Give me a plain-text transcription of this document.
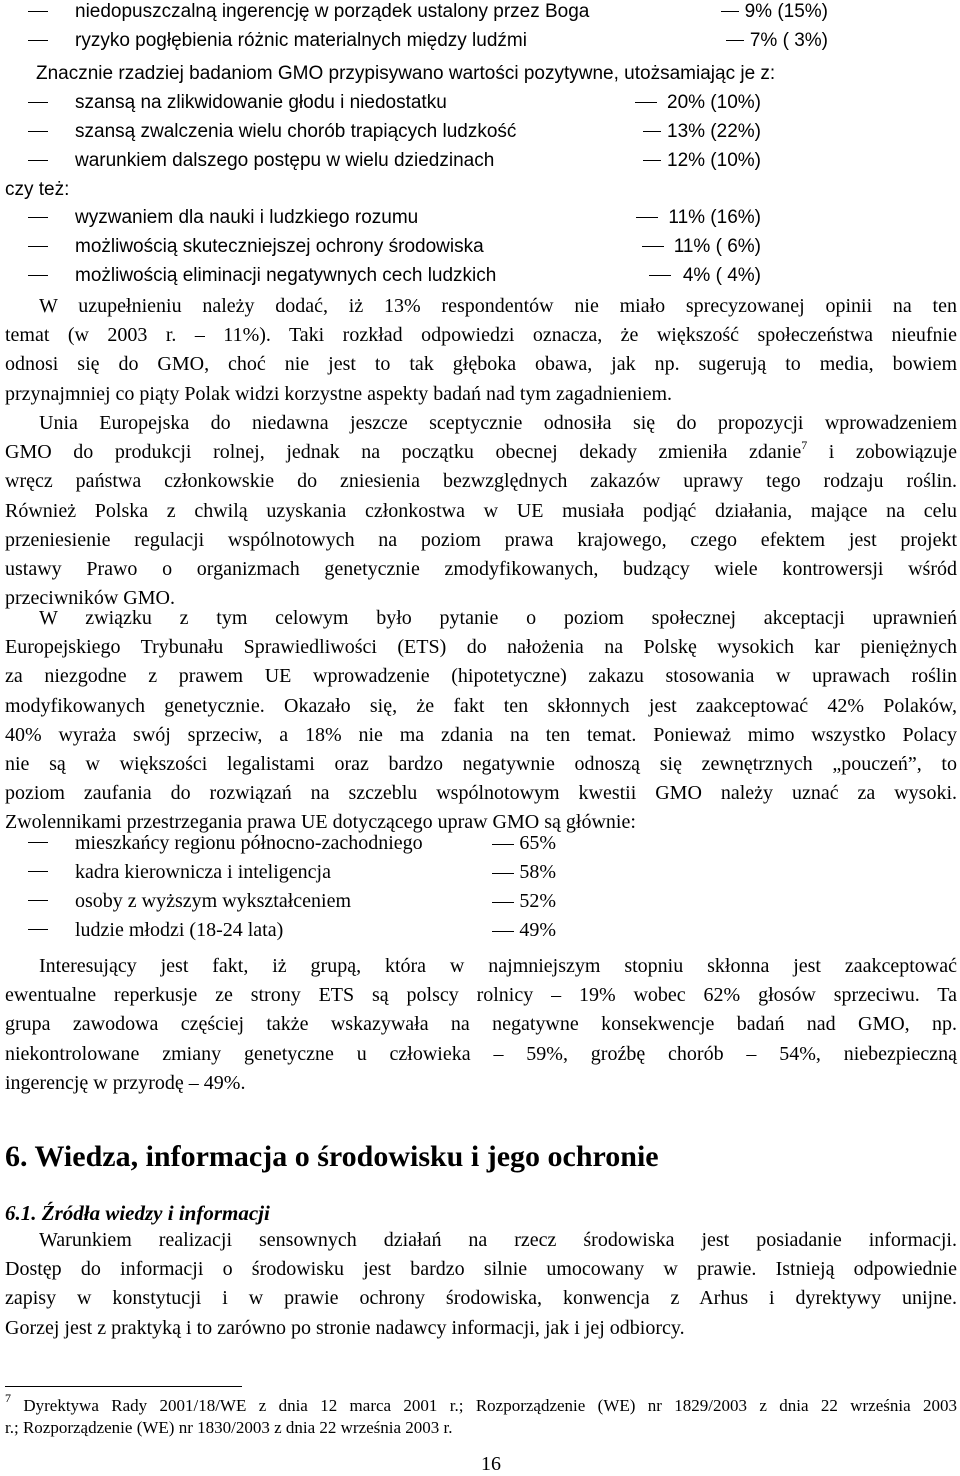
niedopuszczalną ingerencję w porządek ustalony przez Boga	9% (15%)
ryzyko pogłębienia różnic materialnych między ludźmi	7% ( 3%)
Znacznie rzadziej badaniom GMO przypisywano wartości pozytywne, utożsamiając je z:
szansą na zlikwidowanie głodu i niedostatku	20% (10%)
szansą zwalczenia wielu chorób trapiących ludzkość	13% (22%)
warunkiem dalszego postępu w wielu dziedzinach	12% (10%)
czy też:
wyzwaniem dla nauki i ludzkiego rozumu	11% (16%)
możliwością skuteczniejszej ochrony środowiska	11% ( 6%)
możliwością eliminacji negatywnych cech ludzkich	4% ( 4%)

W uzupełnieniu należy dodać, iż 13% respondentów nie miało sprecyzowanej opinii na ten
temat (w 2003 r. – 11%). Taki rozkład odpowiedzi oznacza, że większość społeczeństwa nieufnie
odnosi się do GMO, choć nie jest to tak głęboka obawa, jak np. sugerują to media, bowiem
przynajmniej co piąty Polak widzi korzystne aspekty badań nad tym zagadnieniem.

Unia Europejska do niedawna jeszcze sceptycznie odnosiła się do propozycji wprowadzeniem
GMO do produkcji rolnej, jednak na początku obecnej dekady zmieniła zdanie$^7$ i zobowiązuje
wręcz państwa członkowskie do zniesienia bezwzględnych zakazów uprawy tego rodzaju roślin.
Również Polska z chwilą uzyskania członkostwa w UE musiała podjąć działania, mające na celu
przeniesienie regulacji wspólnotowych na poziom prawa krajowego, czego efektem jest projekt
ustawy Prawo o organizmach genetycznie zmodyfikowanych, budzący wiele kontrowersji wśród
przeciwników GMO.

W związku z tym celowym było pytanie o poziom społecznej akceptacji uprawnień
Europejskiego Trybunału Sprawiedliwości (ETS) do nałożenia na Polskę wysokich kar pieniężnych
za niezgodne z prawem UE wprowadzenie (hipotetyczne) zakazu stosowania w uprawach roślin
modyfikowanych genetycznie. Okazało się, że fakt ten skłonnych jest zaakceptować 42% Polaków,
40% wyraża swój sprzeciw, a 18% nie ma zdania na ten temat. Ponieważ mimo wszystko Polacy
nie są w większości legalistami oraz bardzo negatywnie odnoszą się zewnętrznych „pouczeń”, to
poziom zaufania do rozwiązań na szczeblu wspólnotowym kwestii GMO należy uznać za wysoki.
Zwolennikami przestrzegania prawa UE dotyczącego upraw GMO są głównie:

mieszkańcy regionu północno-zachodniego	65%
kadra kierownicza i inteligencja	58%
osoby z wyższym wykształceniem	52%
ludzie młodzi (18-24 lata)	49%

Interesujący jest fakt, iż grupą, która w najmniejszym stopniu skłonna jest zaakceptować
ewentualne reperkusje ze strony ETS są polscy rolnicy – 19% wobec 62% głosów sprzeciwu. Ta
grupa zawodowa częściej także wskazywała na negatywne konsekwencje badań nad GMO, np.
niekontrolowane zmiany genetyczne u człowieka – 59%, groźbę chorób – 54%, niebezpieczną
ingerencję w przyrodę – 49%.

6. Wiedza, informacja o środowisku i jego ochronie
6.1. Źródła wiedzy i informacji

Warunkiem realizacji sensownych działań na rzecz środowiska jest posiadanie informacji.
Dostęp do informacji o środowisku jest bardzo silnie umocowany w prawie. Istnieją odpowiednie
zapisy w konstytucji i w prawie ochrony środowiska, konwencja z Arhus i dyrektywy unijne.
Gorzej jest z praktyką i to zarówno po stronie nadawcy informacji, jak i jej odbiorcy.

$^7$ Dyrektywa Rady 2001/18/WE z dnia 12 marca 2001 r.; Rozporządzenie (WE) nr 1829/2003 z dnia 22 września 2003
r.; Rozporządzenie (WE) nr 1830/2003 z dnia 22 września 2003 r.
16
